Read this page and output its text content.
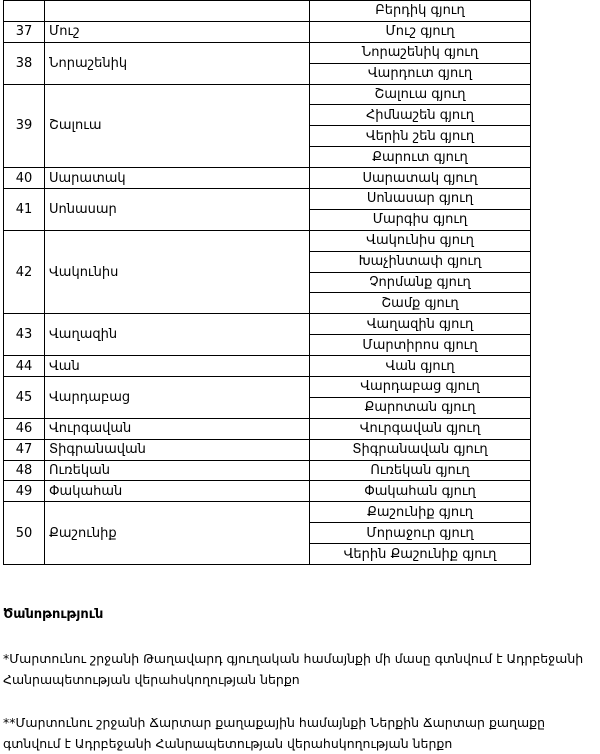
		Բերդիկ գյուղ
37	Մուշ	Մուշ գյուղ
38	Նորաշենիկ	Նորաշենիկ գյուղ
		Վարդուտ գյուղ
39	Շալուա	Շալուա գյուղ
		Հիմնաշեն գյուղ
		Վերին շեն գյուղ
		Քարուտ գյուղ
40	Սարատակ	Սարատակ գյուղ
41	Սոնասար	Սոնասար գյուղ
		Մարգիս գյուղ
42	Վակունիս	Վակունիս գյուղ
		Խաչինտափ գյուղ
		Չորմանք գյուղ
		Շամք գյուղ
43	Վաղազին	Վաղազին գյուղ
		Մարտիրոս գյուղ
44	Վան	Վան գյուղ
45	Վարդաբաց	Վարդաբաց գյուղ
		Քարոտան գյուղ
46	Վուրգավան	Վուրգավան գյուղ
47	Տիգրանավան	Տիգրանավան գյուղ
48	Ուռեկան	Ուռեկան գյուղ
49	Փակահան	Փակահան գյուղ
50	Քաշունիք	Քաշունիք գյուղ
		Մորաջուր գյուղ
		Վերին Քաշունիք գյուղ
Ծանոթություն
*Մարտունու շրջանի Թաղավարդ գյուղական համայնքի մի մասը գտնվում է Ադրբեջանի Հանրապետության վերահսկողության ներքո
**Մարտունու շրջանի Ճարտար քաղաքային համայնքի Ներքին Ճարտար քաղաքը գտնվում է Ադրբեջանի Հանրապետության վերահսկողության ներքո
